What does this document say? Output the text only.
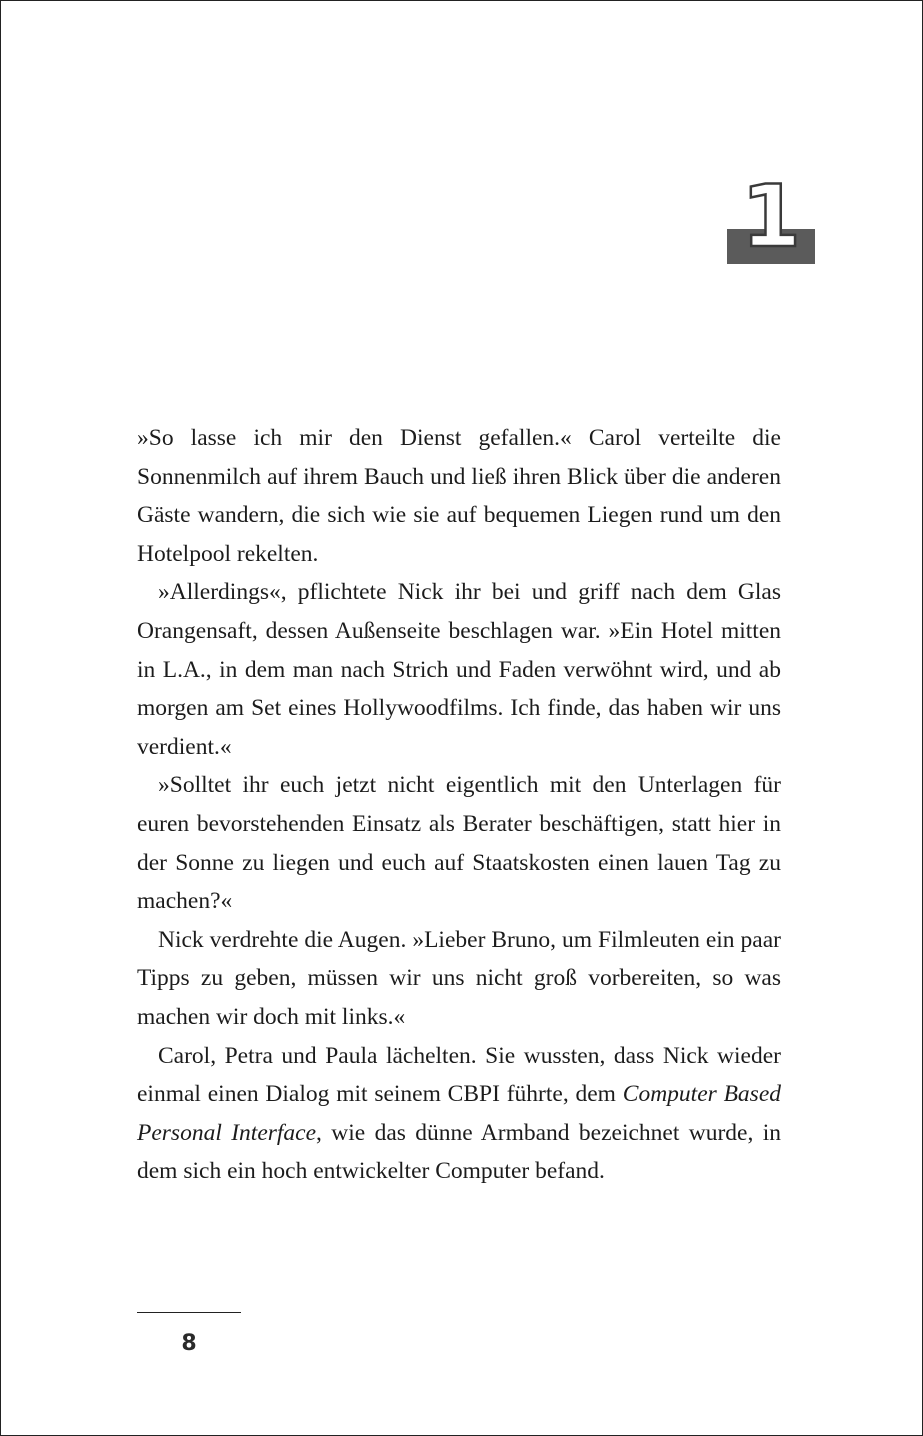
1

»So lasse ich mir den Dienst gefallen.« Carol verteilte die Sonnenmilch auf ihrem Bauch und ließ ihren Blick über die anderen Gäste wandern, die sich wie sie auf bequemen Liegen rund um den Hotelpool rekelten.

»Allerdings«, pflichtete Nick ihr bei und griff nach dem Glas Orangensaft, dessen Außenseite beschlagen war. »Ein Hotel mitten in L.A., in dem man nach Strich und Faden verwöhnt wird, und ab morgen am Set eines Hollywoodfilms. Ich finde, das haben wir uns verdient.«

»Solltet ihr euch jetzt nicht eigentlich mit den Unterlagen für euren bevorstehenden Einsatz als Berater beschäftigen, statt hier in der Sonne zu liegen und euch auf Staatskosten einen lauen Tag zu machen?«

Nick verdrehte die Augen. »Lieber Bruno, um Filmleuten ein paar Tipps zu geben, müssen wir uns nicht groß vorbereiten, so was machen wir doch mit links.«

Carol, Petra und Paula lächelten. Sie wussten, dass Nick wieder einmal einen Dialog mit seinem CBPI führte, dem Computer Based Personal Interface, wie das dünne Armband bezeichnet wurde, in dem sich ein hoch entwickelter Computer befand.

8
